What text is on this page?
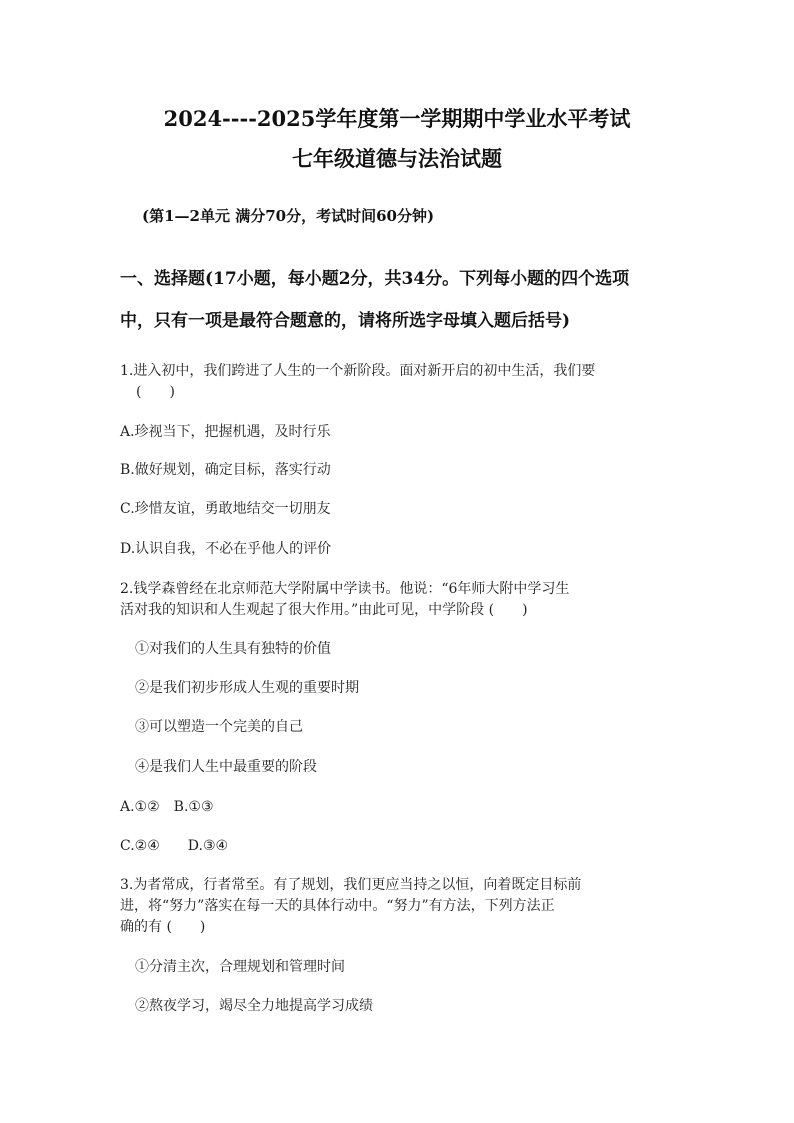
2024----2025学年度第一学期期中学业水平考试
七年级道德与法治试题
(第1—2单元 满分70分，考试时间60分钟)
一、选择题(17小题，每小题2分，共34分。下列每小题的四个选项
中，只有一项是最符合题意的，请将所选字母填入题后括号)
1.进入初中，我们跨进了人生的一个新阶段。面对新开启的初中生活，我们要
(　　)
A.珍视当下，把握机遇，及时行乐
B.做好规划，确定目标，落实行动
C.珍惜友谊，勇敢地结交一切朋友
D.认识自我，不必在乎他人的评价
2.钱学森曾经在北京师范大学附属中学读书。他说：“6年师大附中学习生
活对我的知识和人生观起了很大作用。”由此可见，中学阶段 (　　)
①对我们的人生具有独特的价值
②是我们初步形成人生观的重要时期
③可以塑造一个完美的自己
④是我们人生中最重要的阶段
A.①②　B.①③
C.②④　　D.③④
3.为者常成，行者常至。有了规划，我们更应当持之以恒，向着既定目标前
进，将“努力”落实在每一天的具体行动中。“努力”有方法，下列方法正
确的有 (　　)
①分清主次，合理规划和管理时间
②熬夜学习，竭尽全力地提高学习成绩
